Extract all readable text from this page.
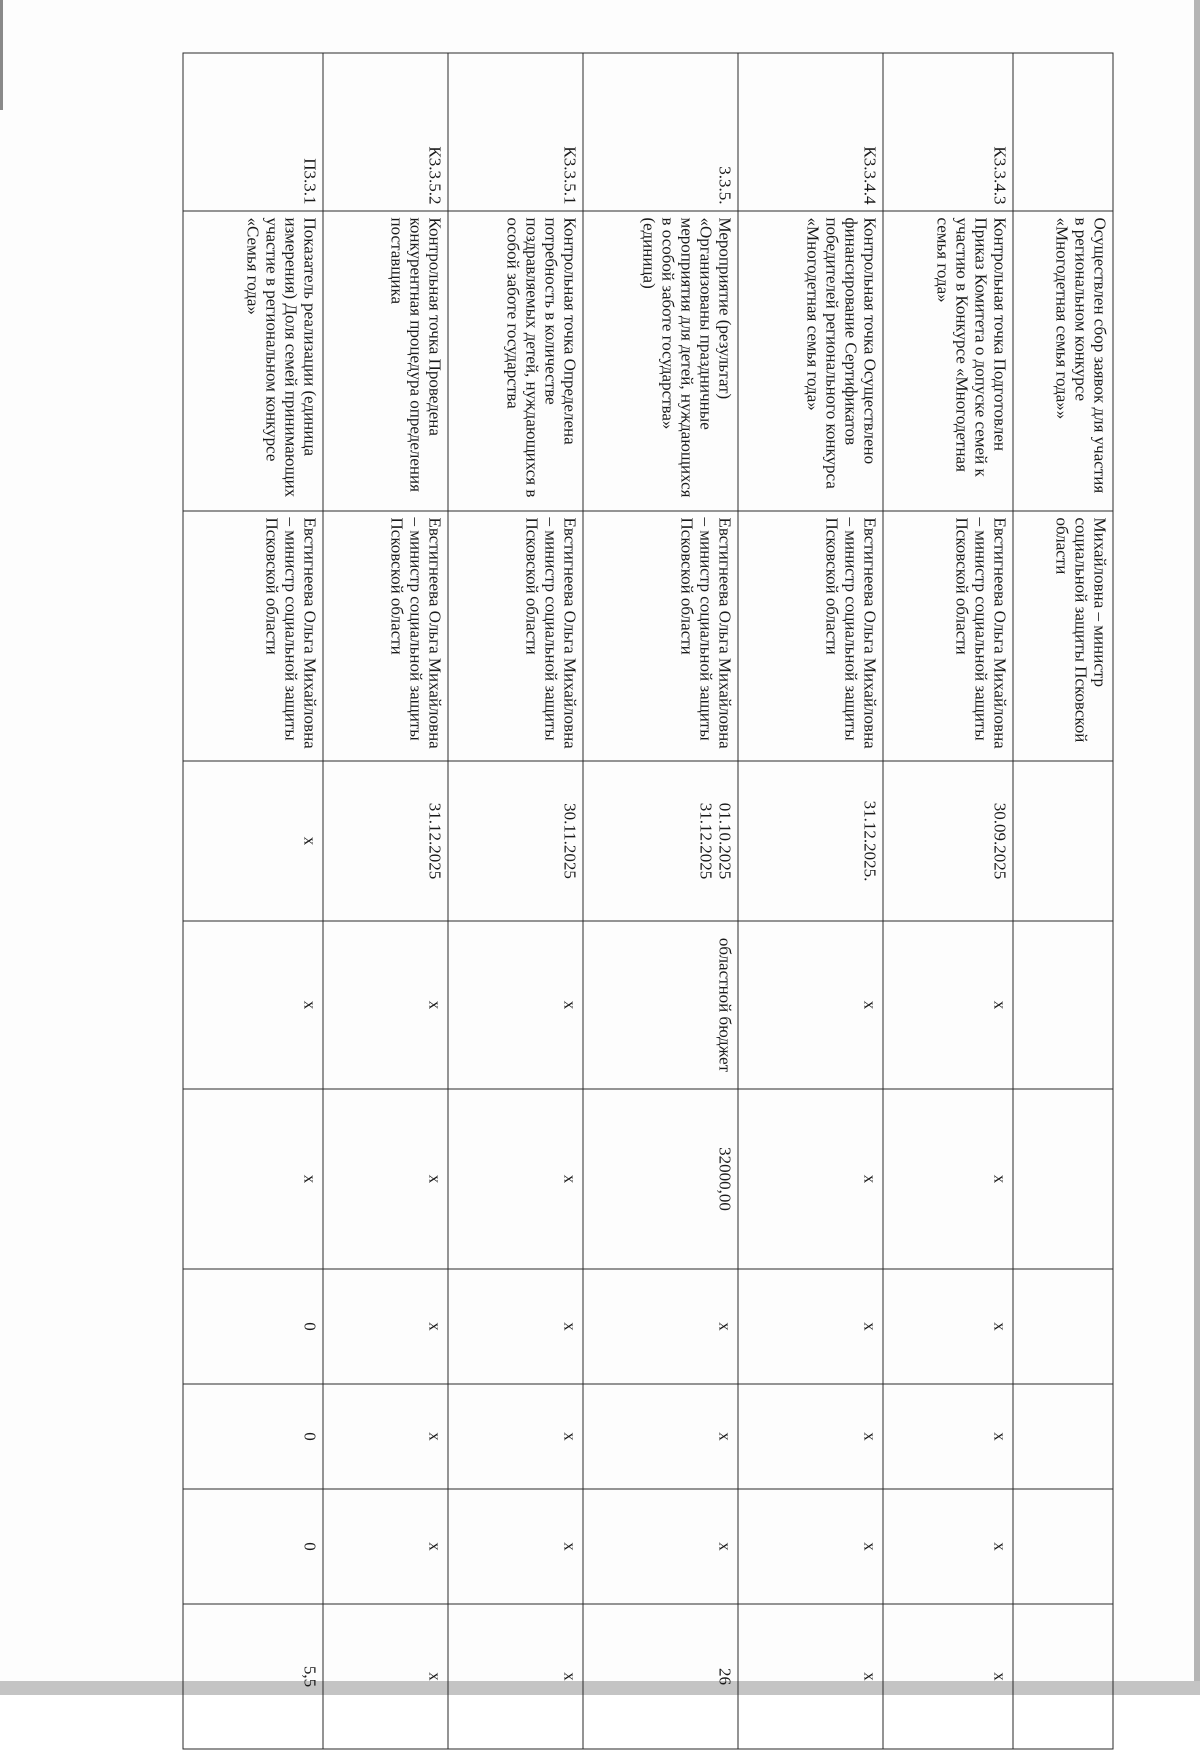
	Осуществлен сбор заявок для участия в региональном конкурсе «Многодетная семья года»»	Михайловна – министр социальной защиты Псковской области							
К3.3.4.3	Контрольная точка Подготовлен Приказ Комитета о допуске семей к участию в Конкурсе «Многодетная семья года»	Евстигнеева Ольга Михайловна – министр социальной защиты Псковской области	30.09.2025	х	х	х	х	х	х
К3.3.4.4	Контрольная точка Осуществлено финансирование Сертификатов победителей регионального конкурса «Многодетная семья года»	Евстигнеева Ольга Михайловна – министр социальной защиты Псковской области	31.12.2025.	х	х	х	х	х	х
3.3.5.	Мероприятие (результат) «Организованы праздничные мероприятия для детей, нуждающихся в особой заботе государства» (единица)	Евстигнеева Ольга Михайловна – министр социальной защиты Псковской области	01.10.2025 31.12.2025	областной бюджет	32000,00	х	х	х	26
К3.3.5.1	Контрольная точка Определена потребность в количестве поздравляемых детей, нуждающихся в особой заботе государства	Евстигнеева Ольга Михайловна – министр социальной защиты Псковской области	30.11.2025	х	х	х	х	х	х
К3.3.5.2	Контрольная точка Проведена конкурентная процедура определения поставщика	Евстигнеева Ольга Михайловна – министр социальной защиты Псковской области	31.12.2025	х	х	х	х	х	х
П3.3.1	Показатель реализации (единица измерения) Доля семей принимающих участие в региональном конкурсе «Семья года»	Евстигнеева Ольга Михайловна – министр социальной защиты Псковской области	х	х	х	0	0	0	5,5
